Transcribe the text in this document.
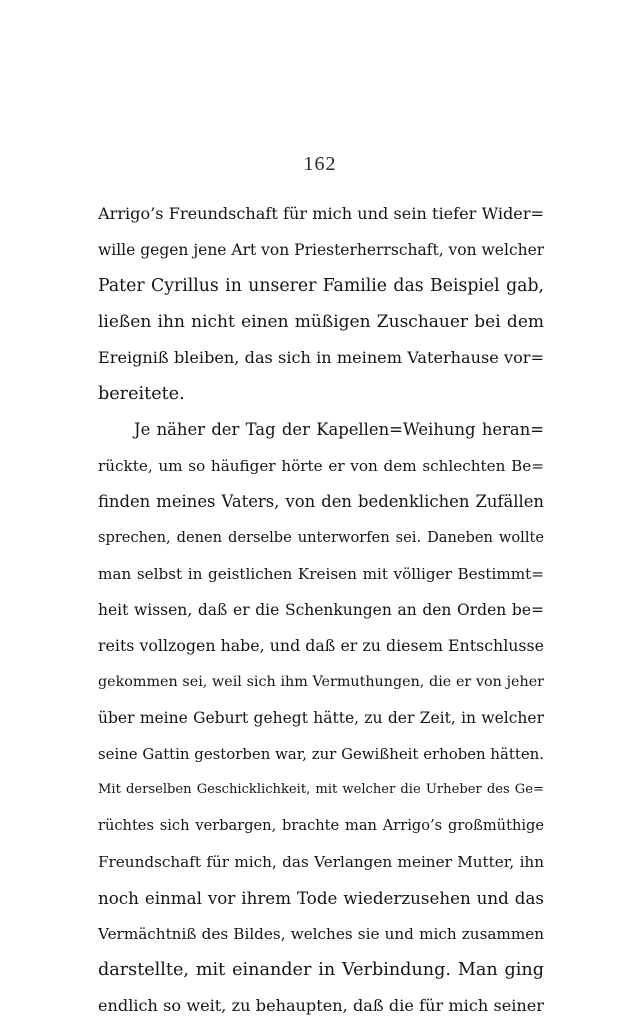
162
Arrigo’s Freundschaft für mich und sein tiefer Wider=
wille gegen jene Art von Priesterherrschaft, von welcher
Pater Cyrillus in unserer Familie das Beispiel gab,
ließen ihn nicht einen müßigen Zuschauer bei dem
Ereigniß bleiben, das sich in meinem Vaterhause vor=
bereitete.
Je näher der Tag der Kapellen=Weihung heran=
rückte, um so häufiger hörte er von dem schlechten Be=
finden meines Vaters, von den bedenklichen Zufällen
sprechen, denen derselbe unterworfen sei. Daneben wollte
man selbst in geistlichen Kreisen mit völliger Bestimmt=
heit wissen, daß er die Schenkungen an den Orden be=
reits vollzogen habe, und daß er zu diesem Entschlusse
gekommen sei, weil sich ihm Vermuthungen, die er von jeher
über meine Geburt gehegt hätte, zu der Zeit, in welcher
seine Gattin gestorben war, zur Gewißheit erhoben hätten.
Mit derselben Geschicklichkeit, mit welcher die Urheber des Ge=
rüchtes sich verbargen, brachte man Arrigo’s großmüthige
Freundschaft für mich, das Verlangen meiner Mutter, ihn
noch einmal vor ihrem Tode wiederzusehen und das
Vermächtniß des Bildes, welches sie und mich zusammen
darstellte, mit einander in Verbindung. Man ging
endlich so weit, zu behaupten, daß die für mich seiner
